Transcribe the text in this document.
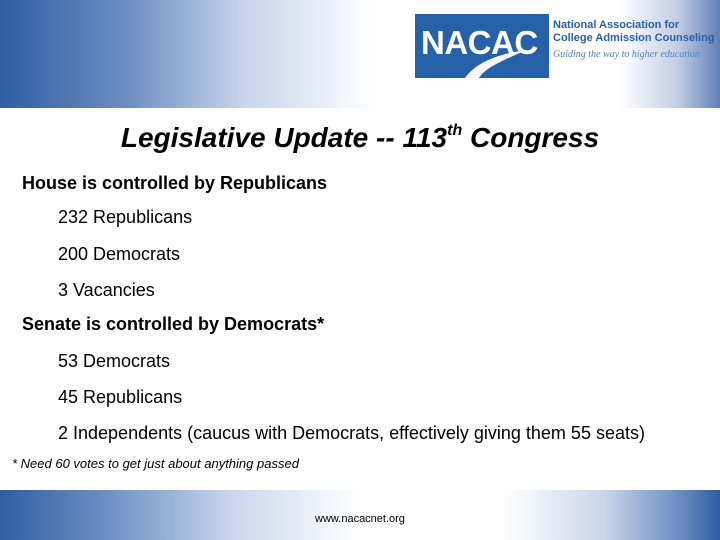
NACAC National Association for
College Admission Counseling
Guiding the way to higher education
Legislative Update -- 113th Congress
House is controlled by Republicans
232 Republicans
200 Democrats
3 Vacancies
Senate is controlled by Democrats*
53 Democrats
45 Republicans
2 Independents (caucus with Democrats, effectively giving them 55 seats)
* Need 60 votes to get just about anything passed
www.nacacnet.org
